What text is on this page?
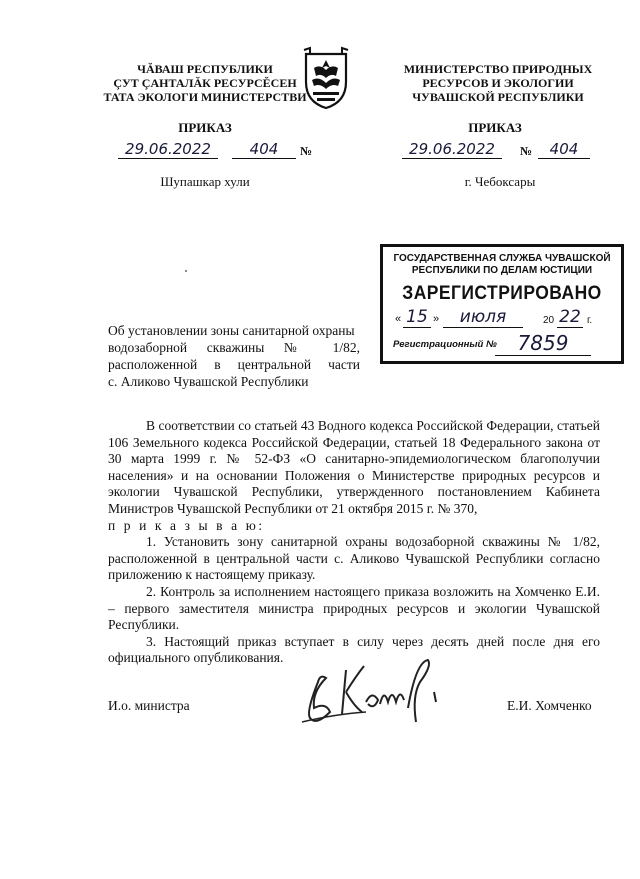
ЧĂВАШ РЕСПУБЛИКИ
ÇУТ ÇАНТАЛĂК РЕСУРСĔСЕН
ТАТА ЭКОЛОГИ МИНИСТЕРСТВИ
МИНИСТЕРСТВО ПРИРОДНЫХ
РЕСУРСОВ И ЭКОЛОГИИ
ЧУВАШСКОЙ РЕСПУБЛИКИ
ПРИКАЗ	ПРИКАЗ
29.06.2022	404	№	29.06.2022	№	404
Шупашкар хули	г. Чебоксары
ГОСУДАРСТВЕННАЯ СЛУЖБА ЧУВАШСКОЙ
РЕСПУБЛИКИ ПО ДЕЛАМ ЮСТИЦИИ
ЗАРЕГИСТРИРОВАНО
« 15 »	июля	20 22 г.
Регистрационный №	7859
Об установлении зоны санитарной охраны
водозаборной скважины № 1/82,
расположенной в центральной части
с. Аликово Чувашской Республики

В соответствии со статьей 43 Водного кодекса Российской Федерации, статьей 106 Земельного кодекса Российской Федерации, статьей 18 Федерального закона от 30 марта 1999 г. № 52-ФЗ «О санитарно-эпидемиологическом благополучии населения» и на основании Положения о Министерстве природных ресурсов и экологии Чувашской Республики, утвержденного постановлением Кабинета Министров Чувашской Республики от 21 октября 2015 г. № 370,

п р и к а з ы в а ю:

1. Установить зону санитарной охраны водозаборной скважины № 1/82, расположенной в центральной части с. Аликово Чувашской Республики согласно приложению к настоящему приказу.

2. Контроль за исполнением настоящего приказа возложить на Хомченко Е.И. – первого заместителя министра природных ресурсов и экологии Чувашской Республики.

3. Настоящий приказ вступает в силу через десять дней после дня его официального опубликования.

И.о. министра	Е.И. Хомченко
